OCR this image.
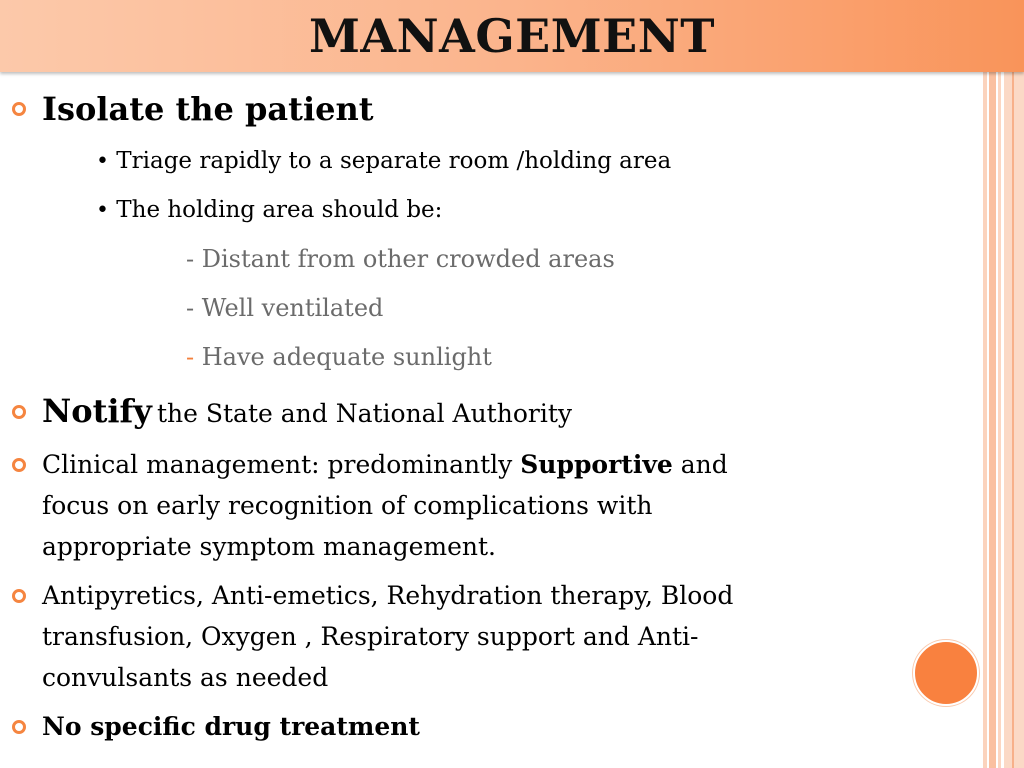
MANAGEMENT
Isolate the patient
• Triage rapidly to a separate room /holding area
• The holding area should be:
- Distant from other crowded areas
- Well ventilated
- Have adequate sunlight
Notify the State and National Authority
Clinical management: predominantly Supportive and
focus on early recognition of complications with
appropriate symptom management.
Antipyretics, Anti-emetics, Rehydration therapy, Blood
transfusion, Oxygen , Respiratory support and Anti-
convulsants as needed
No specific drug treatment
